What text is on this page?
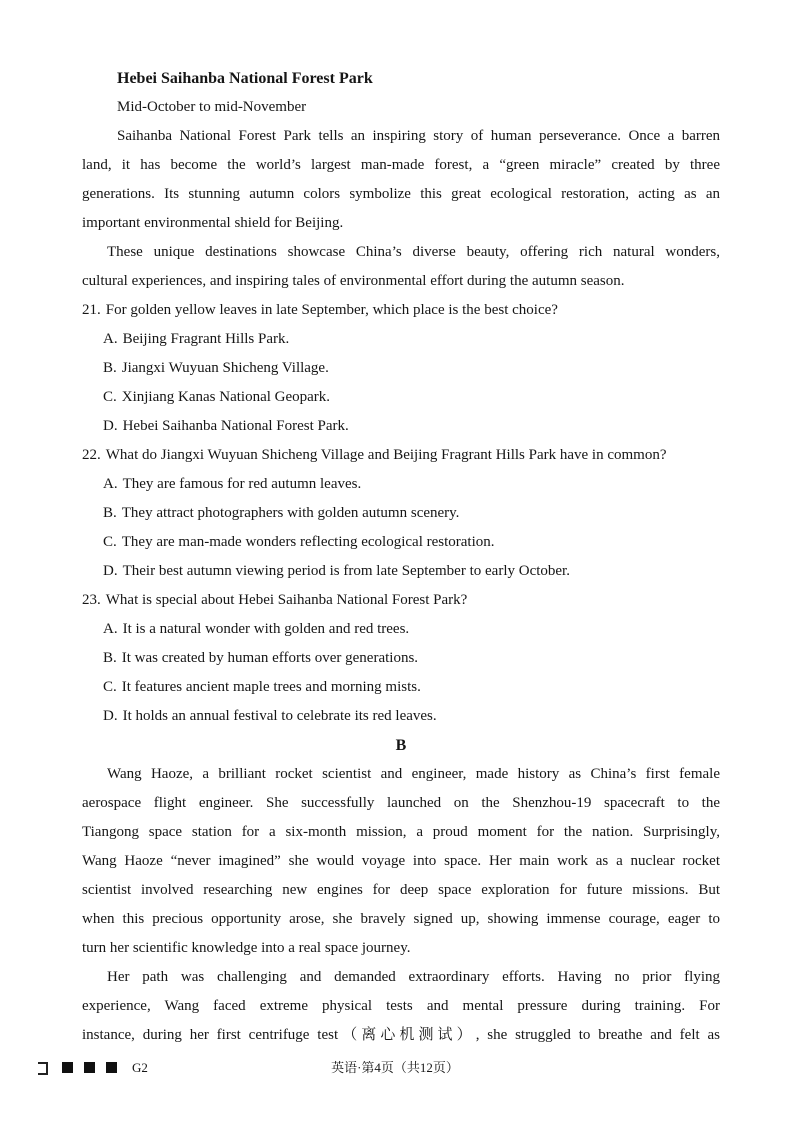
Hebei Saihanba National Forest Park
Mid-October to mid-November
Saihanba National Forest Park tells an inspiring story of human perseverance. Once a barren
land, it has become the world’s largest man-made forest, a “green miracle” created by three
generations. Its stunning autumn colors symbolize this great ecological restoration, acting as an
important environmental shield for Beijing.
These unique destinations showcase China’s diverse beauty, offering rich natural wonders,
cultural experiences, and inspiring tales of environmental effort during the autumn season.
21. For golden yellow leaves in late September, which place is the best choice?
A. Beijing Fragrant Hills Park.
B. Jiangxi Wuyuan Shicheng Village.
C. Xinjiang Kanas National Geopark.
D. Hebei Saihanba National Forest Park.
22. What do Jiangxi Wuyuan Shicheng Village and Beijing Fragrant Hills Park have in common?
A. They are famous for red autumn leaves.
B. They attract photographers with golden autumn scenery.
C. They are man-made wonders reflecting ecological restoration.
D. Their best autumn viewing period is from late September to early October.
23. What is special about Hebei Saihanba National Forest Park?
A. It is a natural wonder with golden and red trees.
B. It was created by human efforts over generations.
C. It features ancient maple trees and morning mists.
D. It holds an annual festival to celebrate its red leaves.
B
Wang Haoze, a brilliant rocket scientist and engineer, made history as China’s first female
aerospace flight engineer. She successfully launched on the Shenzhou-19 spacecraft to the
Tiangong space station for a six-month mission, a proud moment for the nation. Surprisingly,
Wang Haoze “never imagined” she would voyage into space. Her main work as a nuclear rocket
scientist involved researching new engines for deep space exploration for future missions. But
when this precious opportunity arose, she bravely signed up, showing immense courage, eager to
turn her scientific knowledge into a real space journey.
Her path was challenging and demanded extraordinary efforts. Having no prior flying
experience, Wang faced extreme physical tests and mental pressure during training. For
instance, during her first centrifuge test（离心机测试）, she struggled to breathe and felt as
G2	英语·第4页（共12页）
